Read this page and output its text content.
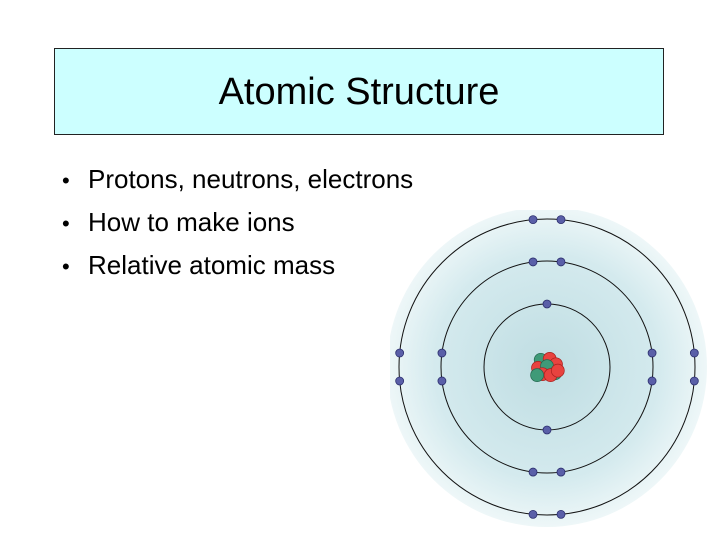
Atomic Structure
• Protons, neutrons, electrons
• How to make ions
• Relative atomic mass
